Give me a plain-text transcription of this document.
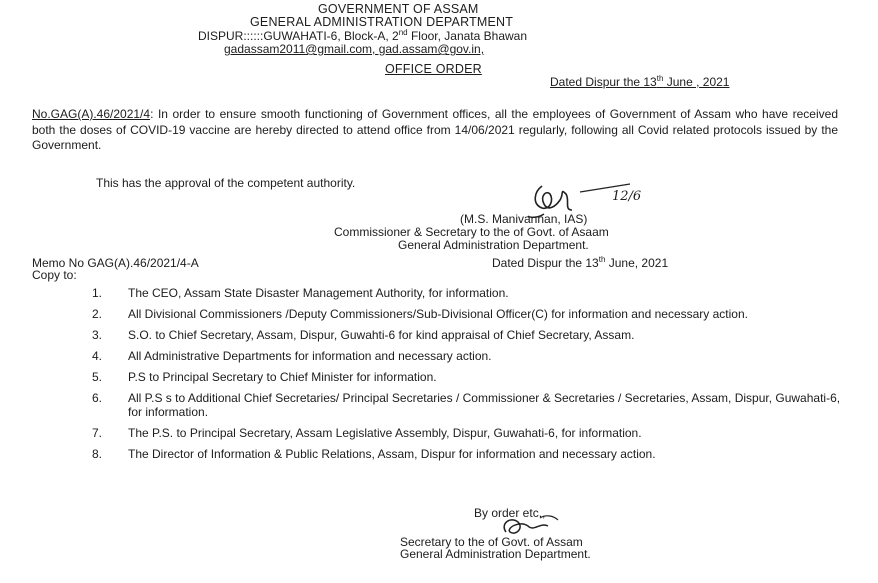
GOVERNMENT OF ASSAM
GENERAL ADMINISTRATION DEPARTMENT
DISPUR::::::GUWAHATI-6, Block-A, 2nd Floor, Janata Bhawan
gadassam2011@gmail.com, gad.assam@gov.in,
OFFICE ORDER
Dated Dispur the 13th June , 2021
No.GAG(A).46/2021/4: In order to ensure smooth functioning of Government offices, all the employees of Government of Assam who have received both the doses of COVID-19 vaccine are hereby directed to attend office from 14/06/2021 regularly, following all Covid related protocols issued by the Government.
This has the approval of the competent authority.
12/6
(M.S. Manivannan, IAS)
Commissioner & Secretary to the of Govt. of Asaam
General Administration Department.
Memo No GAG(A).46/2021/4-A	Dated Dispur the 13th June, 2021
Copy to:
1. The CEO, Assam State Disaster Management Authority, for information.
2. All Divisional Commissioners /Deputy Commissioners/Sub-Divisional Officer(C) for information and necessary action.
3. S.O. to Chief Secretary, Assam, Dispur, Guwahti-6 for kind appraisal of Chief Secretary, Assam.
4. All Administrative Departments for information and necessary action.
5. P.S to Principal Secretary to Chief Minister for information.
6. All P.S s to Additional Chief Secretaries/ Principal Secretaries / Commissioner & Secretaries / Secretaries, Assam, Dispur, Guwahati-6, for information.
7. The P.S. to Principal Secretary, Assam Legislative Assembly, Dispur, Guwahati-6, for information.
8. The Director of Information & Public Relations, Assam, Dispur for information and necessary action.
By order etc.,
Secretary to the of Govt. of Assam
General Administration Department.
